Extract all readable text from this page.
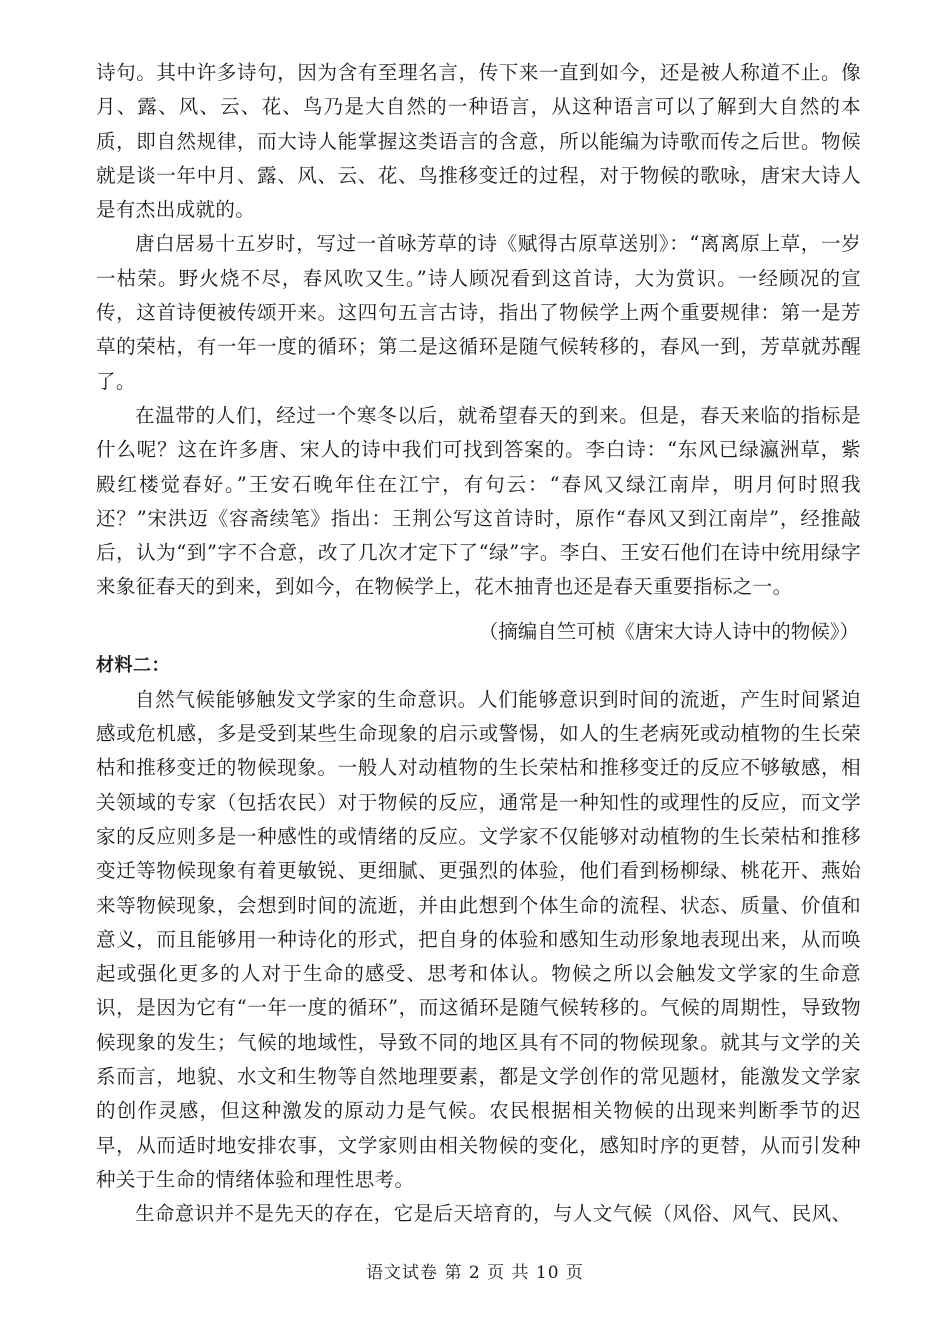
诗句。其中许多诗句，因为含有至理名言，传下来一直到如今，还是被人称道不止。像月、露、风、云、花、鸟乃是大自然的一种语言，从这种语言可以了解到大自然的本质，即自然规律，而大诗人能掌握这类语言的含意，所以能编为诗歌而传之后世。物候就是谈一年中月、露、风、云、花、鸟推移变迁的过程，对于物候的歌咏，唐宋大诗人是有杰出成就的。

唐白居易十五岁时，写过一首咏芳草的诗《赋得古原草送别》：“离离原上草，一岁一枯荣。野火烧不尽，春风吹又生。”诗人顾况看到这首诗，大为赏识。一经顾况的宣传，这首诗便被传颂开来。这四句五言古诗，指出了物候学上两个重要规律：第一是芳草的荣枯，有一年一度的循环；第二是这循环是随气候转移的，春风一到，芳草就苏醒了。

在温带的人们，经过一个寒冬以后，就希望春天的到来。但是，春天来临的指标是什么呢？这在许多唐、宋人的诗中我们可找到答案的。李白诗：“东风已绿瀛洲草，紫殿红楼觉春好。”王安石晚年住在江宁，有句云：“春风又绿江南岸，明月何时照我还？”宋洪迈《容斋续笔》指出：王荆公写这首诗时，原作“春风又到江南岸”，经推敲后，认为“到”字不合意，改了几次才定下了“绿”字。李白、王安石他们在诗中统用绿字来象征春天的到来，到如今，在物候学上，花木抽青也还是春天重要指标之一。

（摘编自竺可桢《唐宋大诗人诗中的物候》）

材料二：

自然气候能够触发文学家的生命意识。人们能够意识到时间的流逝，产生时间紧迫感或危机感，多是受到某些生命现象的启示或警惕，如人的生老病死或动植物的生长荣枯和推移变迁的物候现象。一般人对动植物的生长荣枯和推移变迁的反应不够敏感，相关领域的专家（包括农民）对于物候的反应，通常是一种知性的或理性的反应，而文学家的反应则多是一种感性的或情绪的反应。文学家不仅能够对动植物的生长荣枯和推移变迁等物候现象有着更敏锐、更细腻、更强烈的体验，他们看到杨柳绿、桃花开、燕始来等物候现象，会想到时间的流逝，并由此想到个体生命的流程、状态、质量、价值和意义，而且能够用一种诗化的形式，把自身的体验和感知生动形象地表现出来，从而唤起或强化更多的人对于生命的感受、思考和体认。物候之所以会触发文学家的生命意识，是因为它有“一年一度的循环”，而这循环是随气候转移的。气候的周期性，导致物候现象的发生；气候的地域性，导致不同的地区具有不同的物候现象。就其与文学的关系而言，地貌、水文和生物等自然地理要素，都是文学创作的常见题材，能激发文学家的创作灵感，但这种激发的原动力是气候。农民根据相关物候的出现来判断季节的迟早，从而适时地安排农事，文学家则由相关物候的变化，感知时序的更替，从而引发种种关于生命的情绪体验和理性思考。

生命意识并不是先天的存在，它是后天培育的，与人文气候（风俗、风气、民风、

语文试卷 第 2 页 共 10 页
